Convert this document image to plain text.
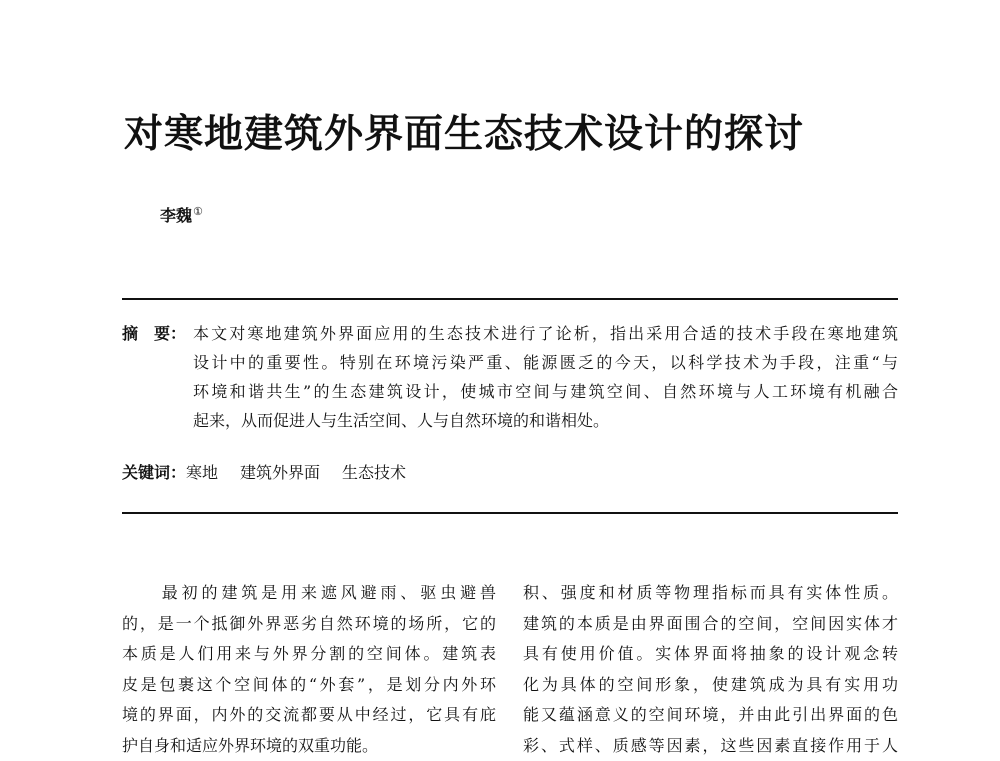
对寒地建筑外界面生态技术设计的探讨
李魏①
摘　要： 本文对寒地建筑外界面应用的生态技术进行了论析，指出采用合适的技术手段在寒地建筑
设计中的重要性。特别在环境污染严重、能源匮乏的今天，以科学技术为手段，注重“与
环境和谐共生”的生态建筑设计，使城市空间与建筑空间、自然环境与人工环境有机融合
起来，从而促进人与生活空间、人与自然环境的和谐相处。
关键词：寒地 建筑外界面 生态技术
　　最初的建筑是用来遮风避雨、驱虫避兽
的，是一个抵御外界恶劣自然环境的场所，它的
本质是人们用来与外界分割的空间体。建筑表
皮是包裹这个空间体的“外套”，是划分内外环
境的界面，内外的交流都要从中经过，它具有庇
护自身和适应外界环境的双重功能。
积、强度和材质等物理指标而具有实体性质。
建筑的本质是由界面围合的空间，空间因实体才
具有使用价值。实体界面将抽象的设计观念转
化为具体的空间形象，使建筑成为具有实用功
能又蕴涵意义的空间环境，并由此引出界面的色
彩、式样、质感等因素，这些因素直接作用于人
